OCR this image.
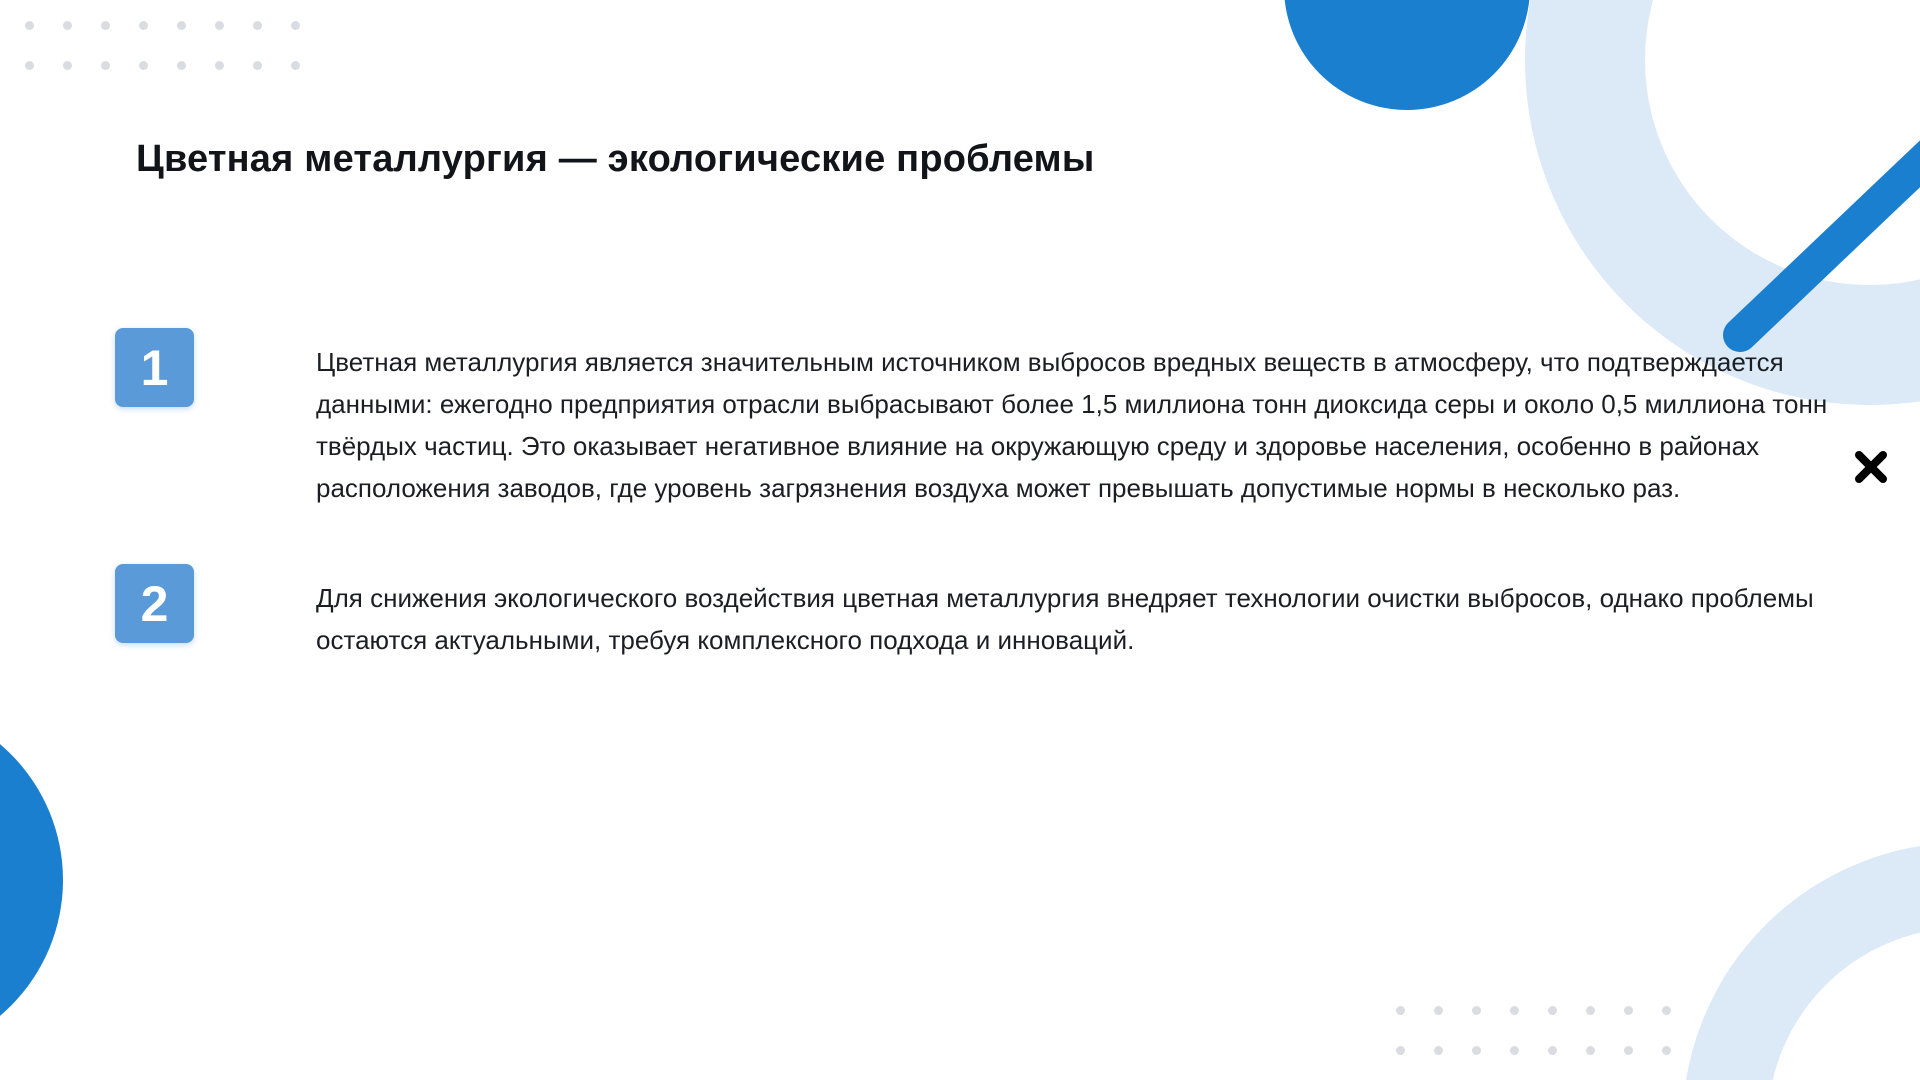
Цветная металлургия — экологические проблемы
1	Цветная металлургия является значительным источником выбросов вредных веществ в атмосферу, что подтверждается данными: ежегодно предприятия отрасли выбрасывают более 1,5 миллиона тонн диоксида серы и около 0,5 миллиона тонн твёрдых частиц. Это оказывает негативное влияние на окружающую среду и здоровье населения, особенно в районах расположения заводов, где уровень загрязнения воздуха может превышать допустимые нормы в несколько раз.

2	Для снижения экологического воздействия цветная металлургия внедряет технологии очистки выбросов, однако проблемы остаются актуальными, требуя комплексного подхода и инноваций.
